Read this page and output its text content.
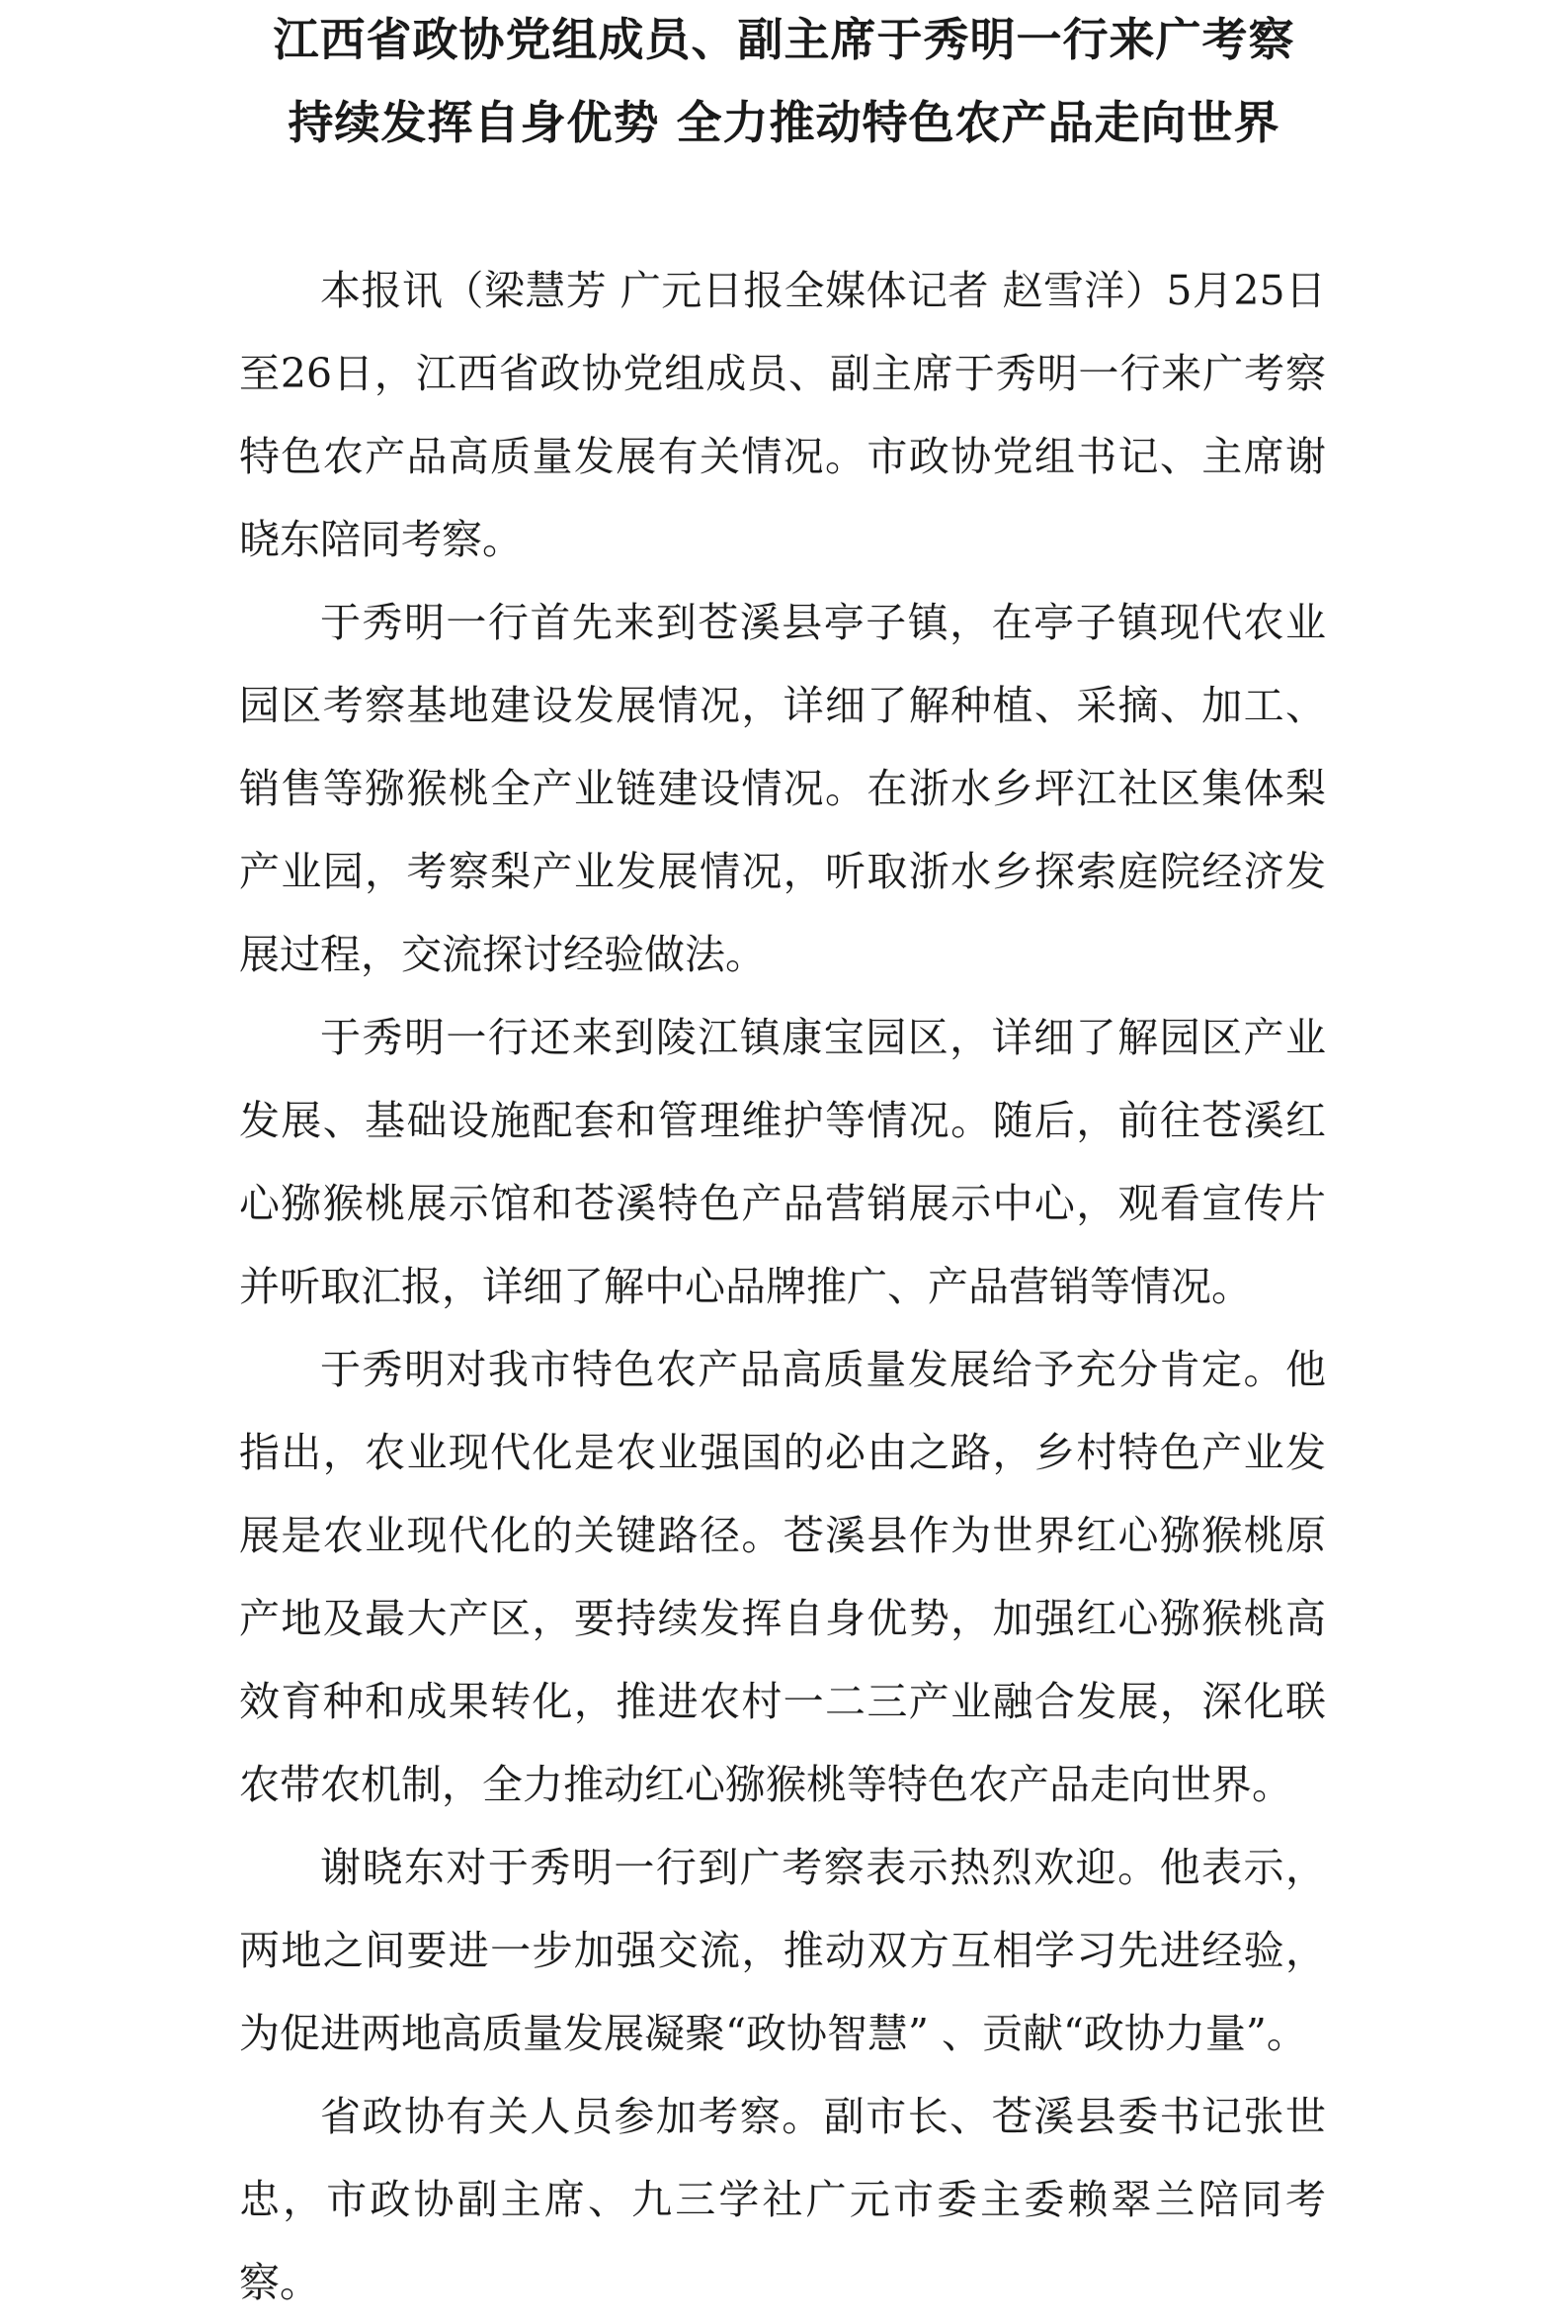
江西省政协党组成员、副主席于秀明一行来广考察
持续发挥自身优势 全力推动特色农产品走向世界

本报讯（梁慧芳 广元日报全媒体记者 赵雪洋）5月25日至26日，江西省政协党组成员、副主席于秀明一行来广考察特色农产品高质量发展有关情况。市政协党组书记、主席谢晓东陪同考察。

于秀明一行首先来到苍溪县亭子镇，在亭子镇现代农业园区考察基地建设发展情况，详细了解种植、采摘、加工、销售等猕猴桃全产业链建设情况。在浙水乡坪江社区集体梨产业园，考察梨产业发展情况，听取浙水乡探索庭院经济发展过程，交流探讨经验做法。

于秀明一行还来到陵江镇康宝园区，详细了解园区产业发展、基础设施配套和管理维护等情况。随后，前往苍溪红心猕猴桃展示馆和苍溪特色产品营销展示中心，观看宣传片并听取汇报，详细了解中心品牌推广、产品营销等情况。

于秀明对我市特色农产品高质量发展给予充分肯定。他指出，农业现代化是农业强国的必由之路，乡村特色产业发展是农业现代化的关键路径。苍溪县作为世界红心猕猴桃原产地及最大产区，要持续发挥自身优势，加强红心猕猴桃高效育种和成果转化，推进农村一二三产业融合发展，深化联农带农机制，全力推动红心猕猴桃等特色农产品走向世界。

谢晓东对于秀明一行到广考察表示热烈欢迎。他表示，两地之间要进一步加强交流，推动双方互相学习先进经验，为促进两地高质量发展凝聚“政协智慧” 、贡献“政协力量”。

省政协有关人员参加考察。副市长、苍溪县委书记张世忠，市政协副主席、九三学社广元市委主委赖翠兰陪同考察。
